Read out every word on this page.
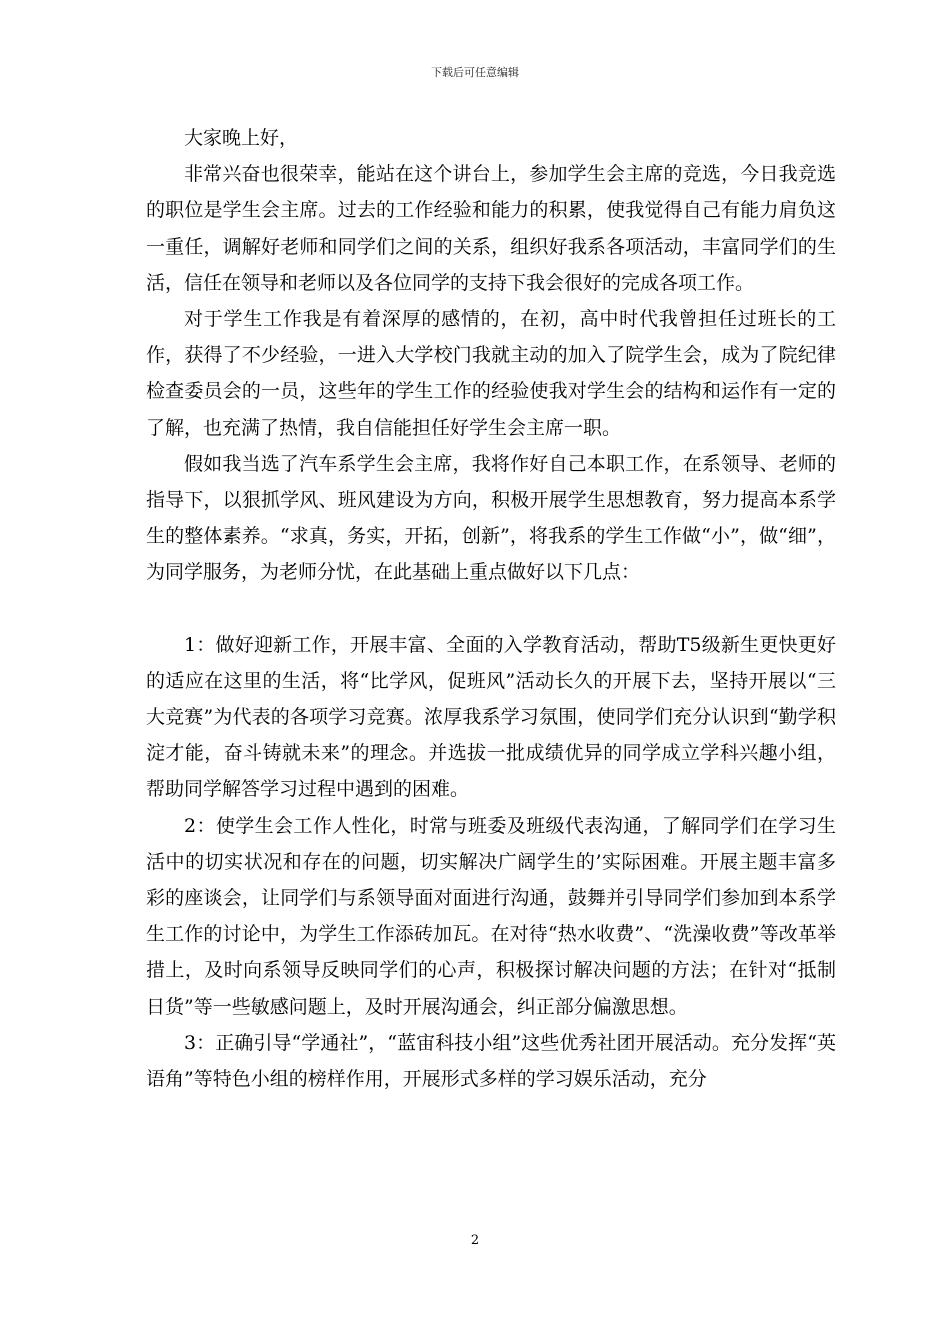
下载后可任意编辑

大家晚上好，

非常兴奋也很荣幸，能站在这个讲台上，参加学生会主席的竞选，今日我竞选的职位是学生会主席。过去的工作经验和能力的积累，使我觉得自己有能力肩负这一重任，调解好老师和同学们之间的关系，组织好我系各项活动，丰富同学们的生活，信任在领导和老师以及各位同学的支持下我会很好的完成各项工作。

对于学生工作我是有着深厚的感情的，在初，高中时代我曾担任过班长的工作，获得了不少经验，一进入大学校门我就主动的加入了院学生会，成为了院纪律检查委员会的一员，这些年的学生工作的经验使我对学生会的结构和运作有一定的了解，也充满了热情，我自信能担任好学生会主席一职。

假如我当选了汽车系学生会主席，我将作好自己本职工作，在系领导、老师的指导下，以狠抓学风、班风建设为方向，积极开展学生思想教育，努力提高本系学生的整体素养。“求真，务实，开拓，创新”，将我系的学生工作做“小”，做“细”，为同学服务，为老师分忧，在此基础上重点做好以下几点：

1：做好迎新工作，开展丰富、全面的入学教育活动，帮助T5级新生更快更好的适应在这里的生活，将“比学风，促班风”活动长久的开展下去，坚持开展以“三大竞赛”为代表的各项学习竞赛。浓厚我系学习氛围，使同学们充分认识到“勤学积淀才能，奋斗铸就未来”的理念。并选拔一批成绩优异的同学成立学科兴趣小组，帮助同学解答学习过程中遇到的困难。

2：使学生会工作人性化，时常与班委及班级代表沟通，了解同学们在学习生活中的切实状况和存在的问题，切实解决广阔学生的’实际困难。开展主题丰富多彩的座谈会，让同学们与系领导面对面进行沟通，鼓舞并引导同学们参加到本系学生工作的讨论中，为学生工作添砖加瓦。在对待“热水收费”、“洗澡收费”等改革举措上，及时向系领导反映同学们的心声，积极探讨解决问题的方法；在针对“抵制日货”等一些敏感问题上，及时开展沟通会，纠正部分偏激思想。

3：正确引导“学通社”，“蓝宙科技小组”这些优秀社团开展活动。充分发挥“英语角”等特色小组的榜样作用，开展形式多样的学习娱乐活动，充分

2
